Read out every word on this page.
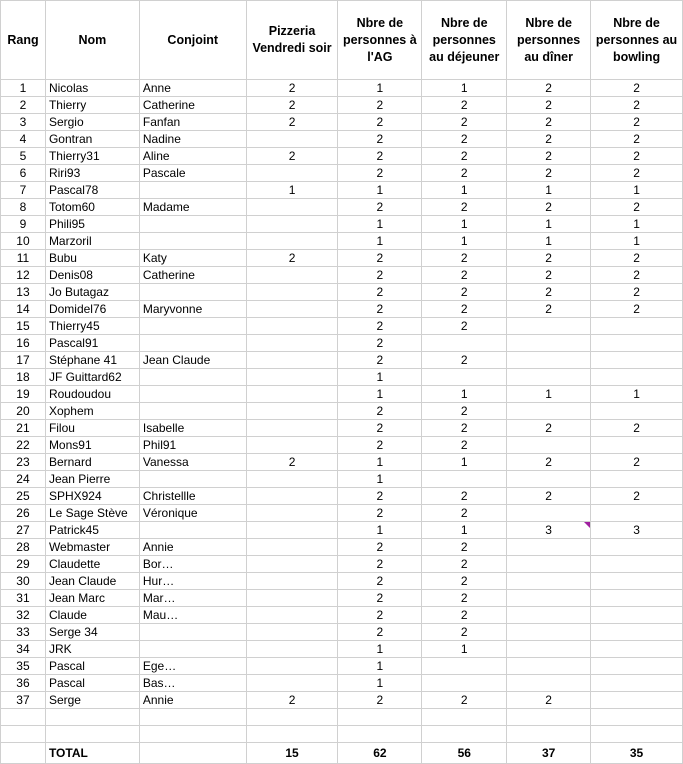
Rang	Nom	Conjoint	Pizzeria Vendredi soir	Nbre de personnes à l'AG	Nbre de personnes au déjeuner	Nbre de personnes au dîner	Nbre de personnes au bowling
1	Nicolas	Anne	2	1	1	2	2
2	Thierry	Catherine	2	2	2	2	2
3	Sergio	Fanfan	2	2	2	2	2
4	Gontran	Nadine		2	2	2	2
5	Thierry31	Aline	2	2	2	2	2
6	Riri93	Pascale		2	2	2	2
7	Pascal78		1	1	1	1	1
8	Totom60	Madame		2	2	2	2
9	Phili95			1	1	1	1
10	Marzoril			1	1	1	1
11	Bubu	Katy	2	2	2	2	2
12	Denis08	Catherine		2	2	2	2
13	Jo Butagaz			2	2	2	2
14	Domidel76	Maryvonne		2	2	2	2
15	Thierry45			2	2		
16	Pascal91			2			
17	Stéphane 41	Jean Claude		2	2		
18	JF Guittard62			1			
19	Roudoudou			1	1	1	1
20	Xophem			2	2		
21	Filou	Isabelle		2	2	2	2
22	Mons91	Phil91		2	2		
23	Bernard	Vanessa	2	1	1	2	2
24	Jean Pierre			1			
25	SPHX924	Christellle		2	2	2	2
26	Le Sage Stève	Véronique		2	2		
27	Patrick45			1	1	3	3
28	Webmaster	Annie		2	2		
29	Claudette	Bor…		2	2		
30	Jean Claude	Hur…		2	2		
31	Jean Marc	Mar…		2	2		
32	Claude	Mau…		2	2		
33	Serge 34			2	2		
34	JRK			1	1		
35	Pascal	Ege…		1			
36	Pascal	Bas…		1			
37	Serge	Annie	2	2	2	2	

	TOTAL		15	62	56	37	35
